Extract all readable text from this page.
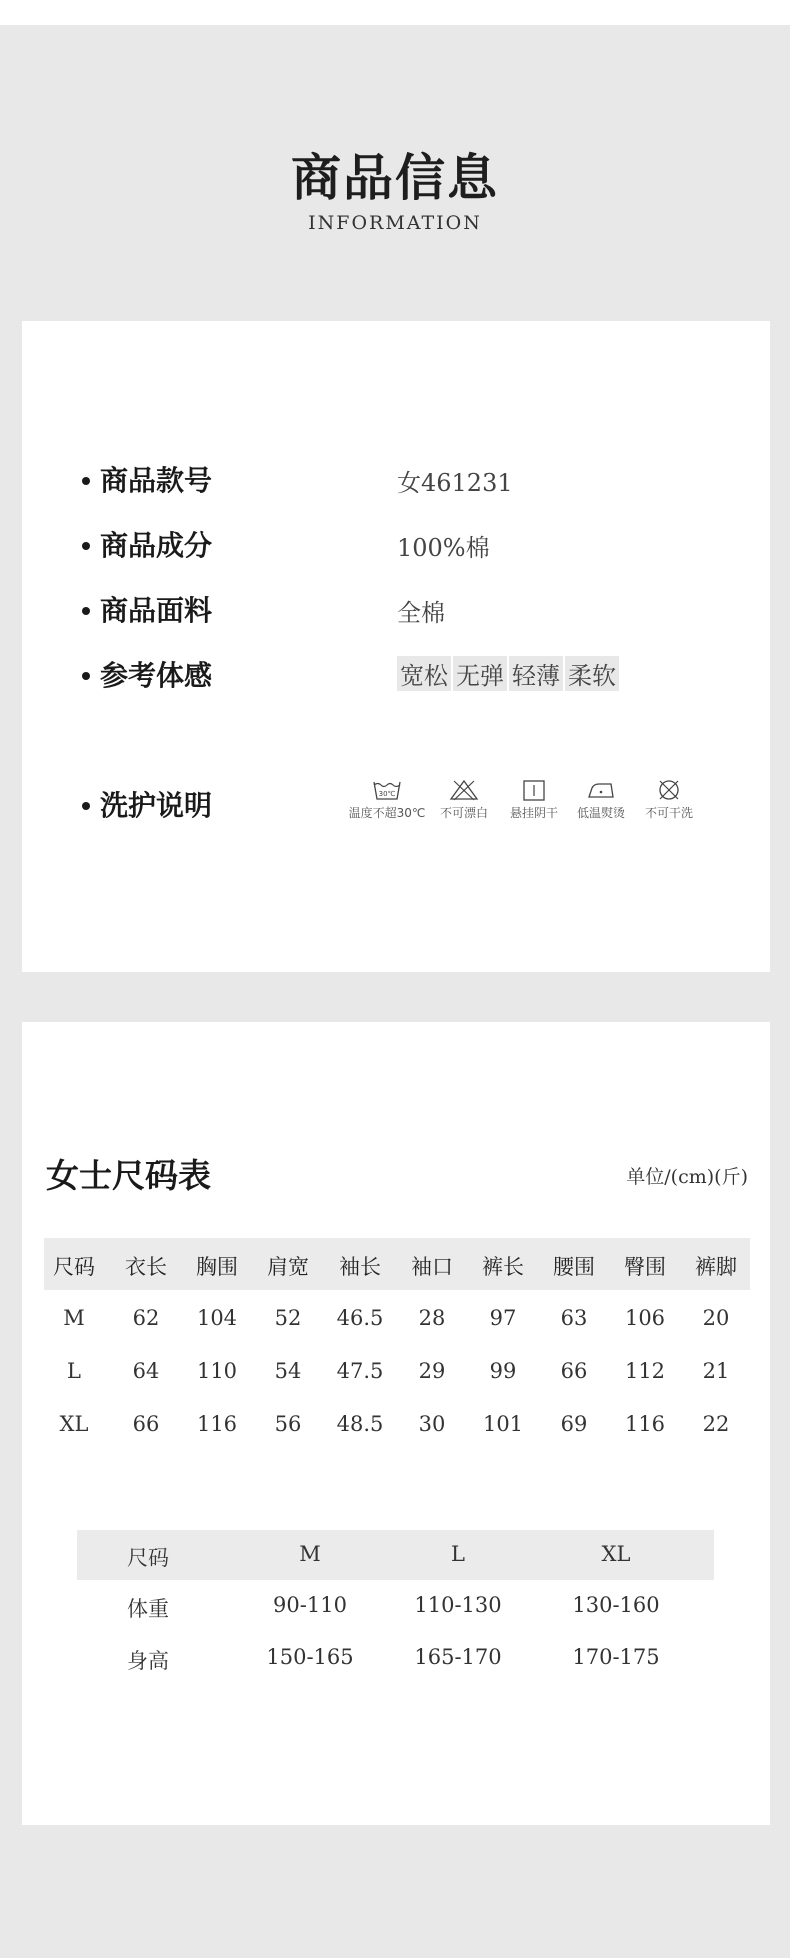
商品信息
INFORMATION
商品款号	女461231
商品成分	100%棉
商品面料	全棉
参考体感	宽松 无弹 轻薄 柔软
洗护说明	30℃
温度不超30℃	不可漂白	悬挂阴干	低温熨烫	不可干洗
女士尺码表	单位/(cm)(斤)
尺码	衣长	胸围	肩宽	袖长	袖口	裤长	腰围	臀围	裤脚
M	62	104	52	46.5	28	97	63	106	20
L	64	110	54	47.5	29	99	66	112	21
XL	66	116	56	48.5	30	101	69	116	22
尺码	M	L	XL
体重	90-110	110-130	130-160
身高	150-165	165-170	170-175
